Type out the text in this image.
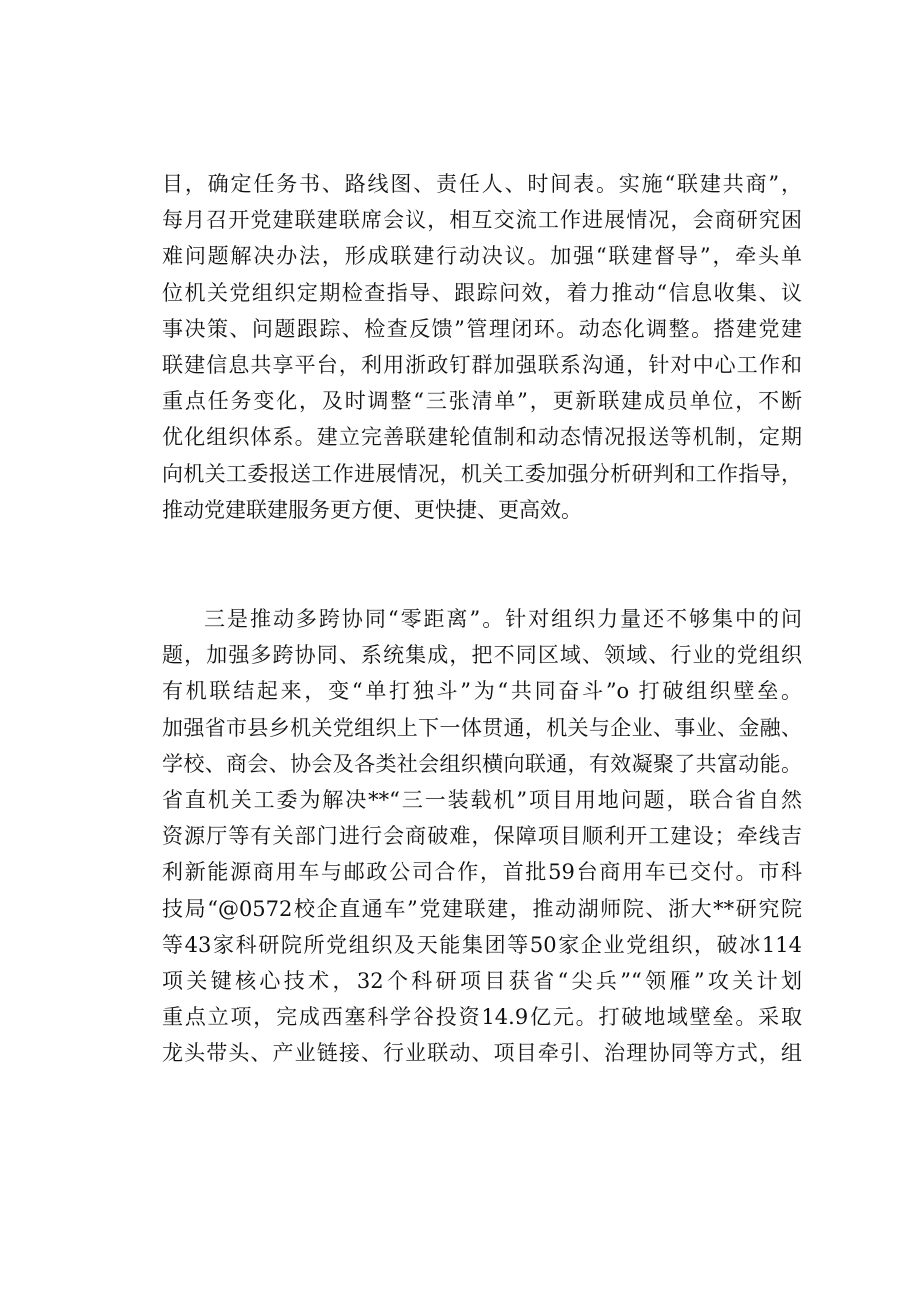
目，确定任务书、路线图、责任人、时间表。实施“联建共商”，
每月召开党建联建联席会议，相互交流工作进展情况，会商研究困
难问题解决办法，形成联建行动决议。加强“联建督导”，牵头单
位机关党组织定期检查指导、跟踪问效，着力推动“信息收集、议
事决策、问题跟踪、检查反馈”管理闭环。动态化调整。搭建党建
联建信息共享平台，利用浙政钉群加强联系沟通，针对中心工作和
重点任务变化，及时调整“三张清单”，更新联建成员单位，不断
优化组织体系。建立完善联建轮值制和动态情况报送等机制，定期
向机关工委报送工作进展情况，机关工委加强分析研判和工作指导，
推动党建联建服务更方便、更快捷、更高效。
三是推动多跨协同“零距离”。针对组织力量还不够集中的问
题，加强多跨协同、系统集成，把不同区域、领域、行业的党组织
有机联结起来，变“单打独斗”为“共同奋斗”o 打破组织壁垒。
加强省市县乡机关党组织上下一体贯通，机关与企业、事业、金融、
学校、商会、协会及各类社会组织横向联通，有效凝聚了共富动能。
省直机关工委为解决**“三一装载机”项目用地问题，联合省自然
资源厅等有关部门进行会商破难，保障项目顺利开工建设；牵线吉
利新能源商用车与邮政公司合作，首批59台商用车已交付。市科
技局“@0572校企直通车”党建联建，推动湖师院、浙大**研究院
等43家科研院所党组织及天能集团等50家企业党组织，破冰114
项关键核心技术，32个科研项目获省“尖兵”“领雁”攻关计划
重点立项，完成西塞科学谷投资14.9亿元。打破地域壁垒。采取
龙头带头、产业链接、行业联动、项目牵引、治理协同等方式，组
